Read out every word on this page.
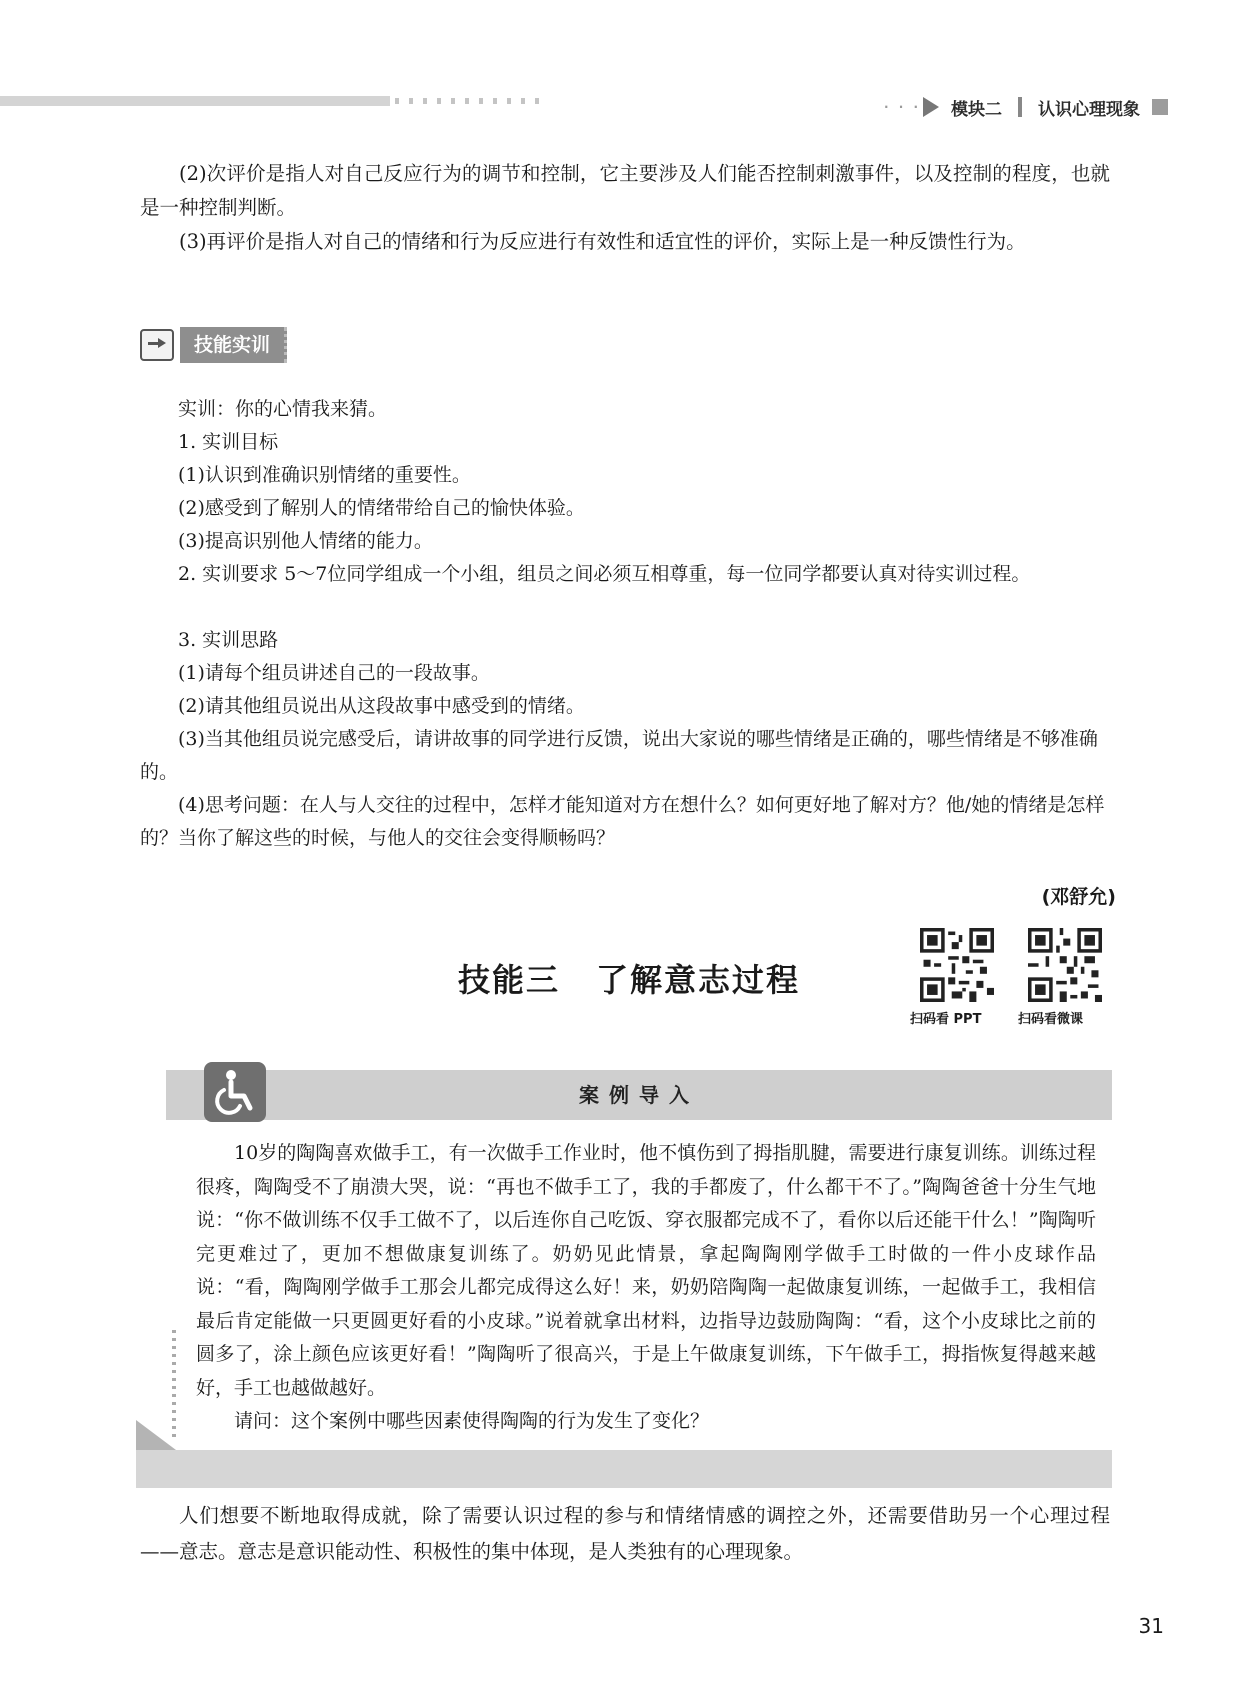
· · · 模块二 认识心理现象

(2)次评价是指人对自己反应行为的调节和控制，它主要涉及人们能否控制刺激事件，以及控制的程度，也就是一种控制判断。

(3)再评价是指人对自己的情绪和行为反应进行有效性和适宜性的评价，实际上是一种反馈性行为。

技能实训

实训：你的心情我来猜。

1. 实训目标

(1)认识到准确识别情绪的重要性。

(2)感受到了解别人的情绪带给自己的愉快体验。

(3)提高识别他人情绪的能力。

2. 实训要求 5～7位同学组成一个小组，组员之间必须互相尊重，每一位同学都要认真对待实训过程。

3. 实训思路

(1)请每个组员讲述自己的一段故事。

(2)请其他组员说出从这段故事中感受到的情绪。

(3)当其他组员说完感受后，请讲故事的同学进行反馈，说出大家说的哪些情绪是正确的，哪些情绪是不够准确的。

(4)思考问题：在人与人交往的过程中，怎样才能知道对方在想什么？如何更好地了解对方？他/她的情绪是怎样的？当你了解这些的时候，与他人的交往会变得顺畅吗？

(邓舒允)
技能三 了解意志过程
扫码看 PPT	扫码看微课
案例导入

10岁的陶陶喜欢做手工，有一次做手工作业时，他不慎伤到了拇指肌腱，需要进行康复训练。训练过程很疼，陶陶受不了崩溃大哭，说：“再也不做手工了，我的手都废了，什么都干不了。”陶陶爸爸十分生气地说：“你不做训练不仅手工做不了，以后连你自己吃饭、穿衣服都完成不了，看你以后还能干什么！”陶陶听完更难过了，更加不想做康复训练了。奶奶见此情景，拿起陶陶刚学做手工时做的一件小皮球作品说：“看，陶陶刚学做手工那会儿都完成得这么好！来，奶奶陪陶陶一起做康复训练，一起做手工，我相信最后肯定能做一只更圆更好看的小皮球。”说着就拿出材料，边指导边鼓励陶陶：“看，这个小皮球比之前的圆多了，涂上颜色应该更好看！”陶陶听了很高兴，于是上午做康复训练，下午做手工，拇指恢复得越来越好，手工也越做越好。

请问：这个案例中哪些因素使得陶陶的行为发生了变化？

人们想要不断地取得成就，除了需要认识过程的参与和情绪情感的调控之外，还需要借助另一个心理过程——意志。意志是意识能动性、积极性的集中体现，是人类独有的心理现象。

31
